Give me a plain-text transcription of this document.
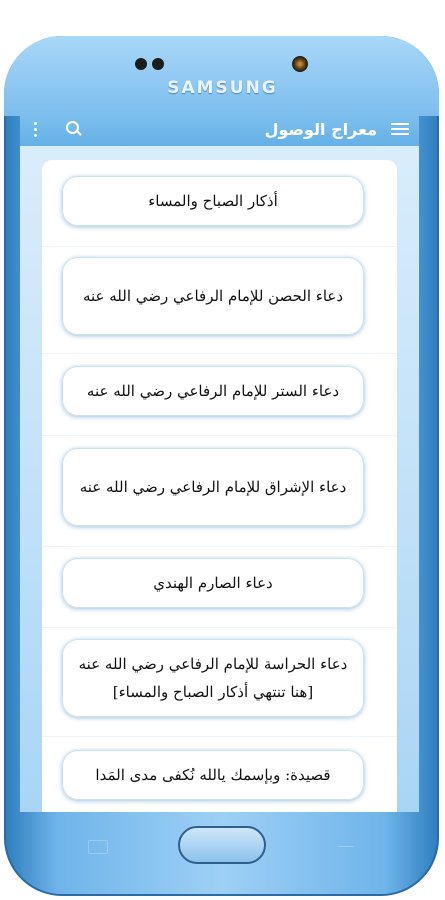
SAMSUNG
معراج الوصول
أذكار الصباح والمساء
دعاء الحصن للإمام الرفاعي رضي الله عنه
دعاء الستر للإمام الرفاعي رضي الله عنه
دعاء الإشراق للإمام الرفاعي رضي الله عنه
دعاء الصارم الهندي
دعاء الحراسة للإمام الرفاعي رضي الله عنه [هنا تنتهي أذكار الصباح والمساء]
قصيدة: وبإسمك يالله نُكفى مدى المَدا
